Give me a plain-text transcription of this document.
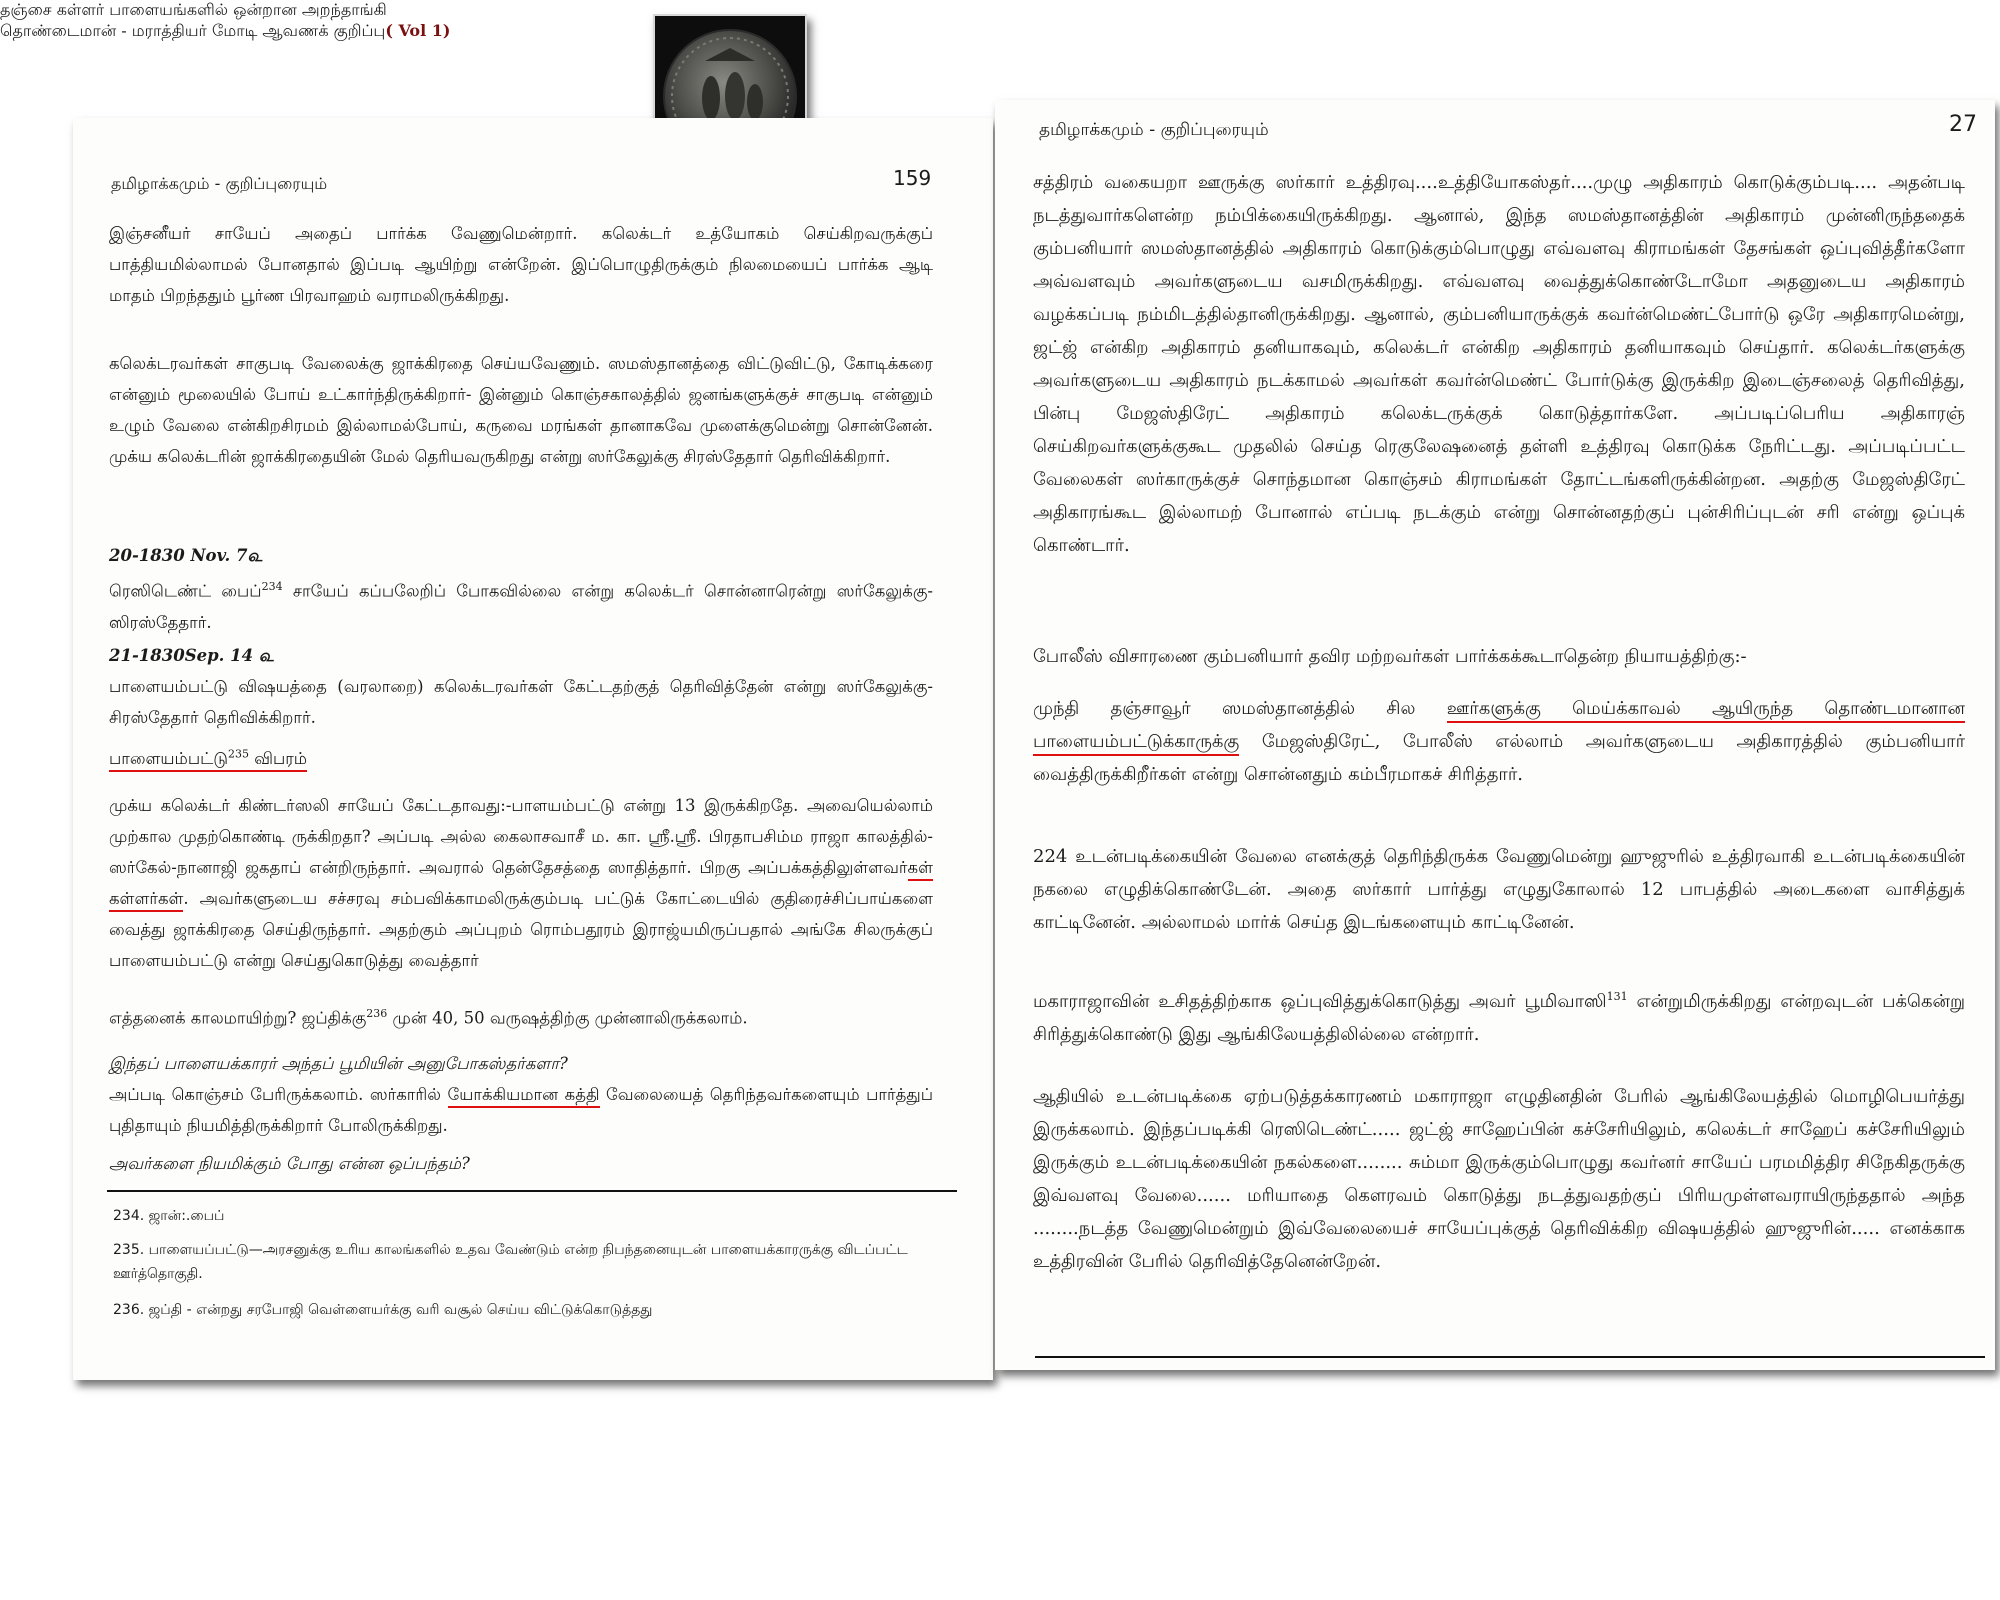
தமிழாக்கமும் - குறிப்புரையும்	159
இஞ்சனீயர் சாயேப் அதைப் பார்க்க வேணுமென்றார். கலெக்டர் உத்யோகம் செய்கிறவருக்குப் பாத்தியமில்லாமல் போனதால் இப்படி ஆயிற்று என்றேன். இப்பொழுதிருக்கும் நிலமையைப் பார்க்க ஆடி மாதம் பிறந்ததும் பூர்ண பிரவாஹம் வராமலிருக்கிறது.
கலெக்டரவர்கள் சாகுபடி வேலைக்கு ஜாக்கிரதை செய்யவேணும். ஸமஸ்தானத்தை விட்டுவிட்டு, கோடிக்கரை என்னும் மூலையில் போய் உட்கார்ந்திருக்கிறார்- இன்னும் கொஞ்சகாலத்தில் ஜனங்களுக்குச் சாகுபடி என்னும் உழும் வேலை என்கிறசிரமம் இல்லாமல்போய், கருவை மரங்கள் தானாகவே முளைக்குமென்று சொன்னேன். முக்ய கலெக்டரின் ஜாக்கிரதையின் மேல் தெரியவருகிறது என்று ஸர்கேலுக்கு சிரஸ்தேதார் தெரிவிக்கிறார்.
20-1830 Nov. 7௳
ரெஸிடெண்ட் பைப்$^{234}$ சாயேப் கப்பலேறிப் போகவில்லை என்று கலெக்டர் சொன்னாரென்று ஸர்கேலுக்கு-ஸிரஸ்தேதார்.
21-1830Sep. 14 ௳
பாளையம்பட்டு விஷயத்தை (வரலாறை) கலெக்டரவர்கள் கேட்டதற்குத் தெரிவித்தேன் என்று ஸர்கேலுக்கு-சிரஸ்தேதார் தெரிவிக்கிறார்.
பாளையம்பட்டு$^{235}$ விபரம்
முக்ய கலெக்டர் கிண்டர்ஸலி சாயேப் கேட்டதாவது:-பாளயம்பட்டு என்று 13 இருக்கிறதே. அவையெல்லாம் முற்கால முதற்கொண்டி ருக்கிறதா? அப்படி அல்ல கைலாசவாசீ ம. கா. ஸ்ரீ.ஸ்ரீ. பிரதாபசிம்ம ராஜா காலத்தில்-ஸர்கேல்-நானாஜி ஜகதாப் என்றிருந்தார். அவரால் தென்தேசத்தை ஸாதித்தார். பிறகு அப்பக்கத்திலுள்ளவர்கள் கள்ளர்கள். அவர்களுடைய சச்சரவு சம்பவிக்காமலிருக்கும்படி பட்டுக் கோட்டையில் குதிரைச்சிப்பாய்களை வைத்து ஜாக்கிரதை செய்திருந்தார். அதற்கும் அப்புறம் ரொம்பதூரம் இராஜ்யமிருப்பதால் அங்கே சிலருக்குப் பாளையம்பட்டு என்று செய்துகொடுத்து வைத்தார்
எத்தனைக் காலமாயிற்று? ஜப்திக்கு$^{236}$ முன் 40, 50 வருஷத்திற்கு முன்னாலிருக்கலாம்.
இந்தப் பாளையக்காரர் அந்தப் பூமியின் அனுபோகஸ்தர்களா?
அப்படி கொஞ்சம் பேரிருக்கலாம். ஸர்காரில் யோக்கியமான கத்தி வேலையைத் தெரிந்தவர்களையும் பார்த்துப் புதிதாயும் நியமித்திருக்கிறார் போலிருக்கிறது.
அவர்களை நியமிக்கும் போது என்ன ஒப்பந்தம்?
234. ஜான்:.பைப்
235. பாளையப்பட்டு—அரசனுக்கு உரிய காலங்களில் உதவ வேண்டும் என்ற நிபந்தனையுடன் பாளையக்காரருக்கு விடப்பட்ட ஊர்த்தொகுதி.
236. ஜப்தி - என்றது சரபோஜி வெள்ளையர்க்கு வரி வசூல் செய்ய விட்டுக்கொடுத்தது
தமிழாக்கமும் - குறிப்புரையும்	27
சத்திரம் வகையறா ஊருக்கு ஸர்கார் உத்திரவு....உத்தியோகஸ்தர்....முழு அதிகாரம் கொடுக்கும்படி.... அதன்படி நடத்துவார்களென்ற நம்பிக்கையிருக்கிறது. ஆனால், இந்த ஸமஸ்தானத்தின் அதிகாரம் முன்னிருந்ததைக் கும்பனியார் ஸமஸ்தானத்தில் அதிகாரம் கொடுக்கும்பொழுது எவ்வளவு கிராமங்கள் தேசங்கள் ஒப்புவித்தீர்களோ அவ்வளவும் அவர்களுடைய வசமிருக்கிறது. எவ்வளவு வைத்துக்கொண்டோமோ அதனுடைய அதிகாரம் வழக்கப்படி நம்மிடத்தில்தானிருக்கிறது. ஆனால், கும்பனியாருக்குக் கவர்ன்மெண்ட்போர்டு ஒரே அதிகாரமென்று, ஜட்ஜ் என்கிற அதிகாரம் தனியாகவும், கலெக்டர் என்கிற அதிகாரம் தனியாகவும் செய்தார். கலெக்டர்களுக்கு அவர்களுடைய அதிகாரம் நடக்காமல் அவர்கள் கவர்ன்மெண்ட் போர்டுக்கு இருக்கிற இடைஞ்சலைத் தெரிவித்து, பின்பு மேஜஸ்திரேட் அதிகாரம் கலெக்டருக்குக் கொடுத்தார்களே. அப்படிப்பெரிய அதிகாரஞ் செய்கிறவர்களுக்குகூட முதலில் செய்த ரெகுலேஷனைத் தள்ளி உத்திரவு கொடுக்க நேரிட்டது. அப்படிப்பட்ட வேலைகள் ஸர்காருக்குச் சொந்தமான கொஞ்சம் கிராமங்கள் தோட்டங்களிருக்கின்றன. அதற்கு மேஜஸ்திரேட் அதிகாரங்கூட இல்லாமற் போனால் எப்படி நடக்கும் என்று சொன்னதற்குப் புன்சிரிப்புடன் சரி என்று ஒப்புக் கொண்டார்.
போலீஸ் விசாரணை கும்பனியார் தவிர மற்றவர்கள் பார்க்கக்கூடாதென்ற நியாயத்திற்கு:-
முந்தி தஞ்சாவூர் ஸமஸ்தானத்தில் சில ஊர்களுக்கு மெய்க்காவல் ஆயிருந்த தொண்டமானான பாளையம்பட்டுக்காருக்கு மேஜஸ்திரேட், போலீஸ் எல்லாம் அவர்களுடைய அதிகாரத்தில் கும்பனியார் வைத்திருக்கிறீர்கள் என்று சொன்னதும் கம்பீரமாகச் சிரித்தார்.
224 உடன்படிக்கையின் வேலை எனக்குத் தெரிந்திருக்க வேணுமென்று ஹுஜுரில் உத்திரவாகி உடன்படிக்கையின் நகலை எழுதிக்கொண்டேன். அதை ஸர்கார் பார்த்து எழுதுகோலால் 12 பாபத்தில் அடைகளை வாசித்துக் காட்டினேன். அல்லாமல் மார்க் செய்த இடங்களையும் காட்டினேன்.
மகாராஜாவின் உசிதத்திற்காக ஒப்புவித்துக்கொடுத்து அவர் பூமிவாஸி$^{131}$ என்றுமிருக்கிறது என்றவுடன் பக்கென்று சிரித்துக்கொண்டு இது ஆங்கிலேயத்திலில்லை என்றார்.
ஆதியில் உடன்படிக்கை ஏற்படுத்தக்காரணம் மகாராஜா எழுதினதின் பேரில் ஆங்கிலேயத்தில் மொழிபெயர்த்து இருக்கலாம். இந்தப்படிக்கி ரெஸிடெண்ட்..... ஜட்ஜ் சாஹேப்பின் கச்சேரியிலும், கலெக்டர் சாஹேப் கச்சேரியிலும் இருக்கும் உடன்படிக்கையின் நகல்களை........ சும்மா இருக்கும்பொழுது கவர்னர் சாயேப் பரமமித்திர சிநேகிதருக்கு இவ்வளவு வேலை...... மரியாதை கௌரவம் கொடுத்து நடத்துவதற்குப் பிரியமுள்ளவராயிருந்ததால் அந்த ........நடத்த வேணுமென்றும் இவ்வேலையைச் சாயேப்புக்குத் தெரிவிக்கிற விஷயத்தில் ஹுஜுரின்..... எனக்காக உத்திரவின் பேரில் தெரிவித்தேனென்றேன்.
தஞ்சை கள்ளர் பாளையங்களில் ஒன்றான அறந்தாங்கி
தொண்டைமான் - மராத்தியர் மோடி ஆவணக் குறிப்பு( Vol 1)
